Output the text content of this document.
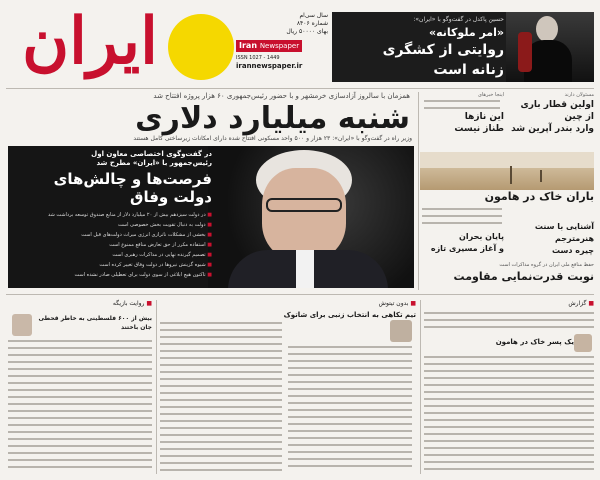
ایران	سال سی‌ام
شماره ۸۴۰۶
بهای ۵۰۰۰۰ ریال
Iran Newspaper
ISSN 1027 - 1449
irannewspaper.ir
حسین پاکدل در گفت‌وگو با «ایران»:
«امر ملوکانه»
روایتی از کشگری
زنانه است
همزمان با سالروز آزادسازی خرمشهر و با حضور رئیس‌جمهوری ۶۰ هزار پروژه افتتاح شد
شنبه میلیارد دلاری
وزیر راه در گفت‌وگو با «ایران»: ۲۳ هزار و ۵۰۰ واحد مسکونی افتتاح شده دارای امکانات زیرساختی کامل هستند
در گفت‌وگوی اختصاصی معاون اول
رئیس‌جمهور با «ایران» مطرح شد
فرصت‌ها و چالش‌های
دولت وفاق
■ در دولت سیزدهم بیش از ۲۰ میلیارد دلار از منابع صندوق توسعه برداشت شد
■ دولت به دنبال تقویت بخش خصوصی است
■ بخشی از مشکلات ناترازی انرژی میراث دولت‌های قبل است
■ استفاده مکرر از حق تعارض منافع ممنوع است
■ تصمیم گیرنده نهایی در مذاکرات رهبری است
■ شیوه گزینش نیروها در دولت وفاق تغییر کرده است
■ تاکنون هیچ ابلاغی از سوی دولت برای تعطیلی صادر نشده است
اینجا خبرهای
این نازها
طناز نیست
مسئولان دارند
اولین قطار باری
از چین
وارد بندر آپرین شد
باران خاک در هامون
پایان بحران
و آغاز مسیری تازه
آشنایی با سنت
هنرمترجم
چیره دست
حفظ منافع ملی ایران در گروه مذاکرات است
نوبت قدرت‌نمایی مقاومت
■ روایت بازیگه
بیش از ۶۰۰ فلسطینی به خاطر قحطی جان باختند
■ بدون تیتوش
تیم تکاهی به انتخاب زنبی برای شاتوک
■ گزارش
یک پسر خاک در هامون
